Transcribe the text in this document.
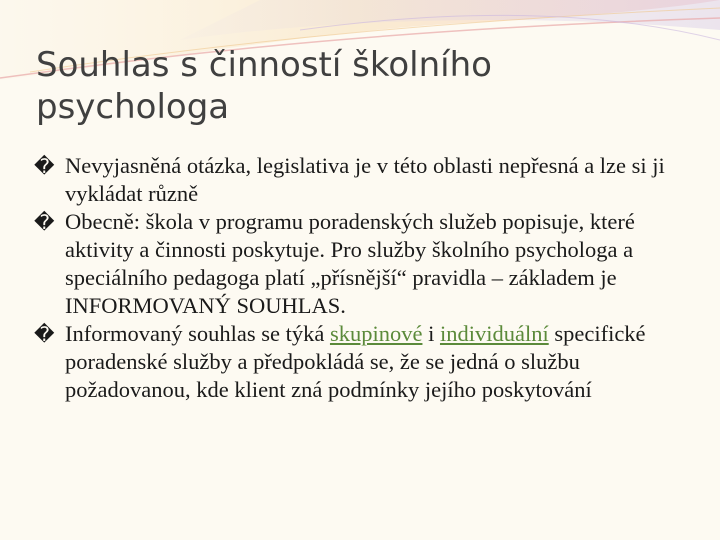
Souhlas s činností školního psychologa
� Nevyjasněná otázka, legislativa je v této oblasti nepřesná a lze si ji vykládat různě
� Obecně: škola v programu poradenských služeb popisuje, které aktivity a činnosti poskytuje. Pro služby školního psychologa a speciálního pedagoga platí „přísnější“ pravidla – základem je INFORMOVANÝ SOUHLAS.
� Informovaný souhlas se týká skupinové i individuální specifické poradenské služby a předpokládá se, že se jedná o službu požadovanou, kde klient zná podmínky jejího poskytování
